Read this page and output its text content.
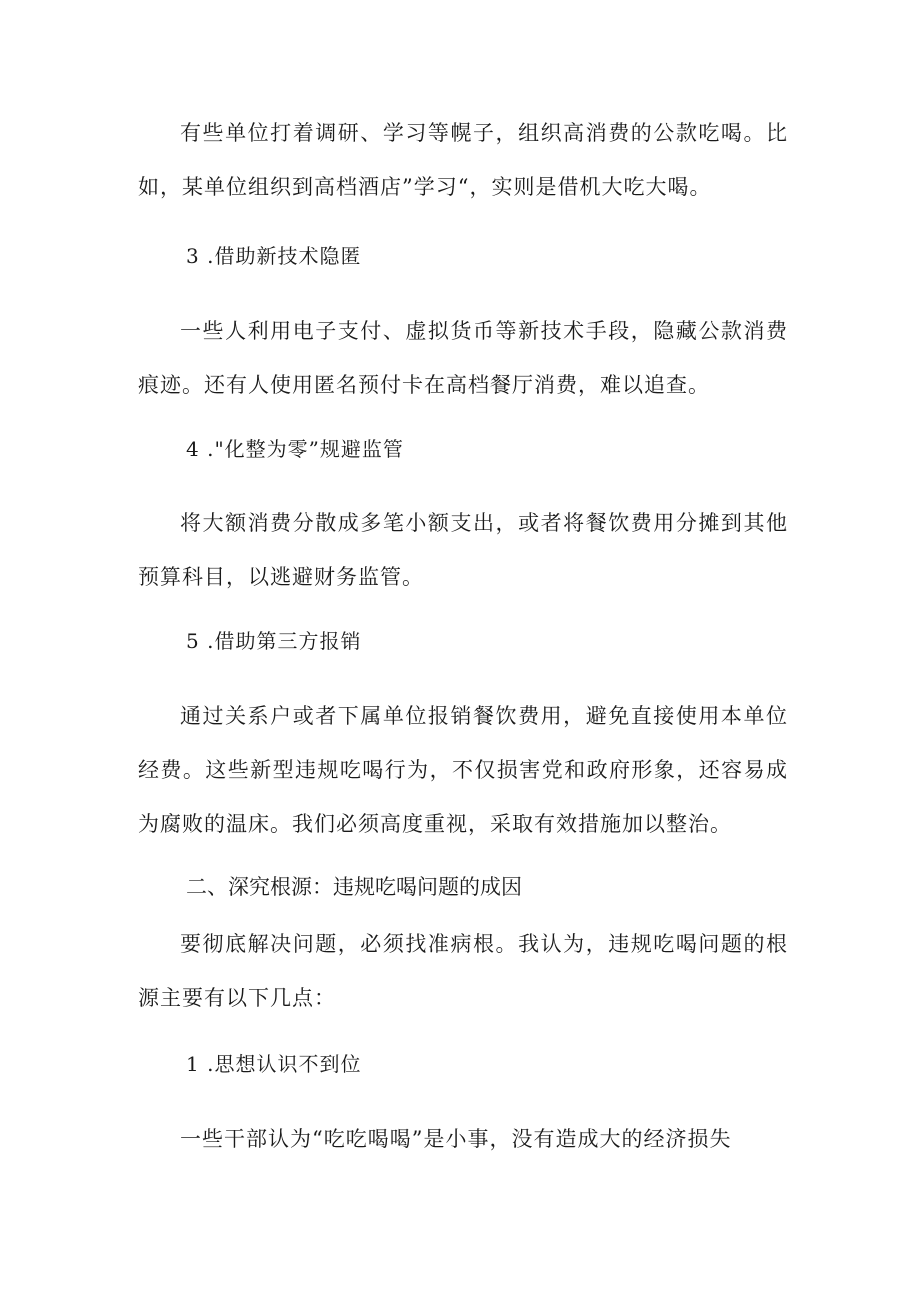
有些单位打着调研、学习等幌子，组织高消费的公款吃喝。比如，某单位组织到高档酒店”学习“，实则是借机大吃大喝。

3 .借助新技术隐匿

一些人利用电子支付、虚拟货币等新技术手段，隐藏公款消费痕迹。还有人使用匿名预付卡在高档餐厅消费，难以追查。

4 ."化整为零”规避监管

将大额消费分散成多笔小额支出，或者将餐饮费用分摊到其他预算科目，以逃避财务监管。

5 .借助第三方报销

通过关系户或者下属单位报销餐饮费用，避免直接使用本单位经费。这些新型违规吃喝行为，不仅损害党和政府形象，还容易成为腐败的温床。我们必须高度重视，采取有效措施加以整治。

二、深究根源：违规吃喝问题的成因

要彻底解决问题，必须找准病根。我认为，违规吃喝问题的根源主要有以下几点：

1 .思想认识不到位

一些干部认为“吃吃喝喝”是小事，没有造成大的经济损失
